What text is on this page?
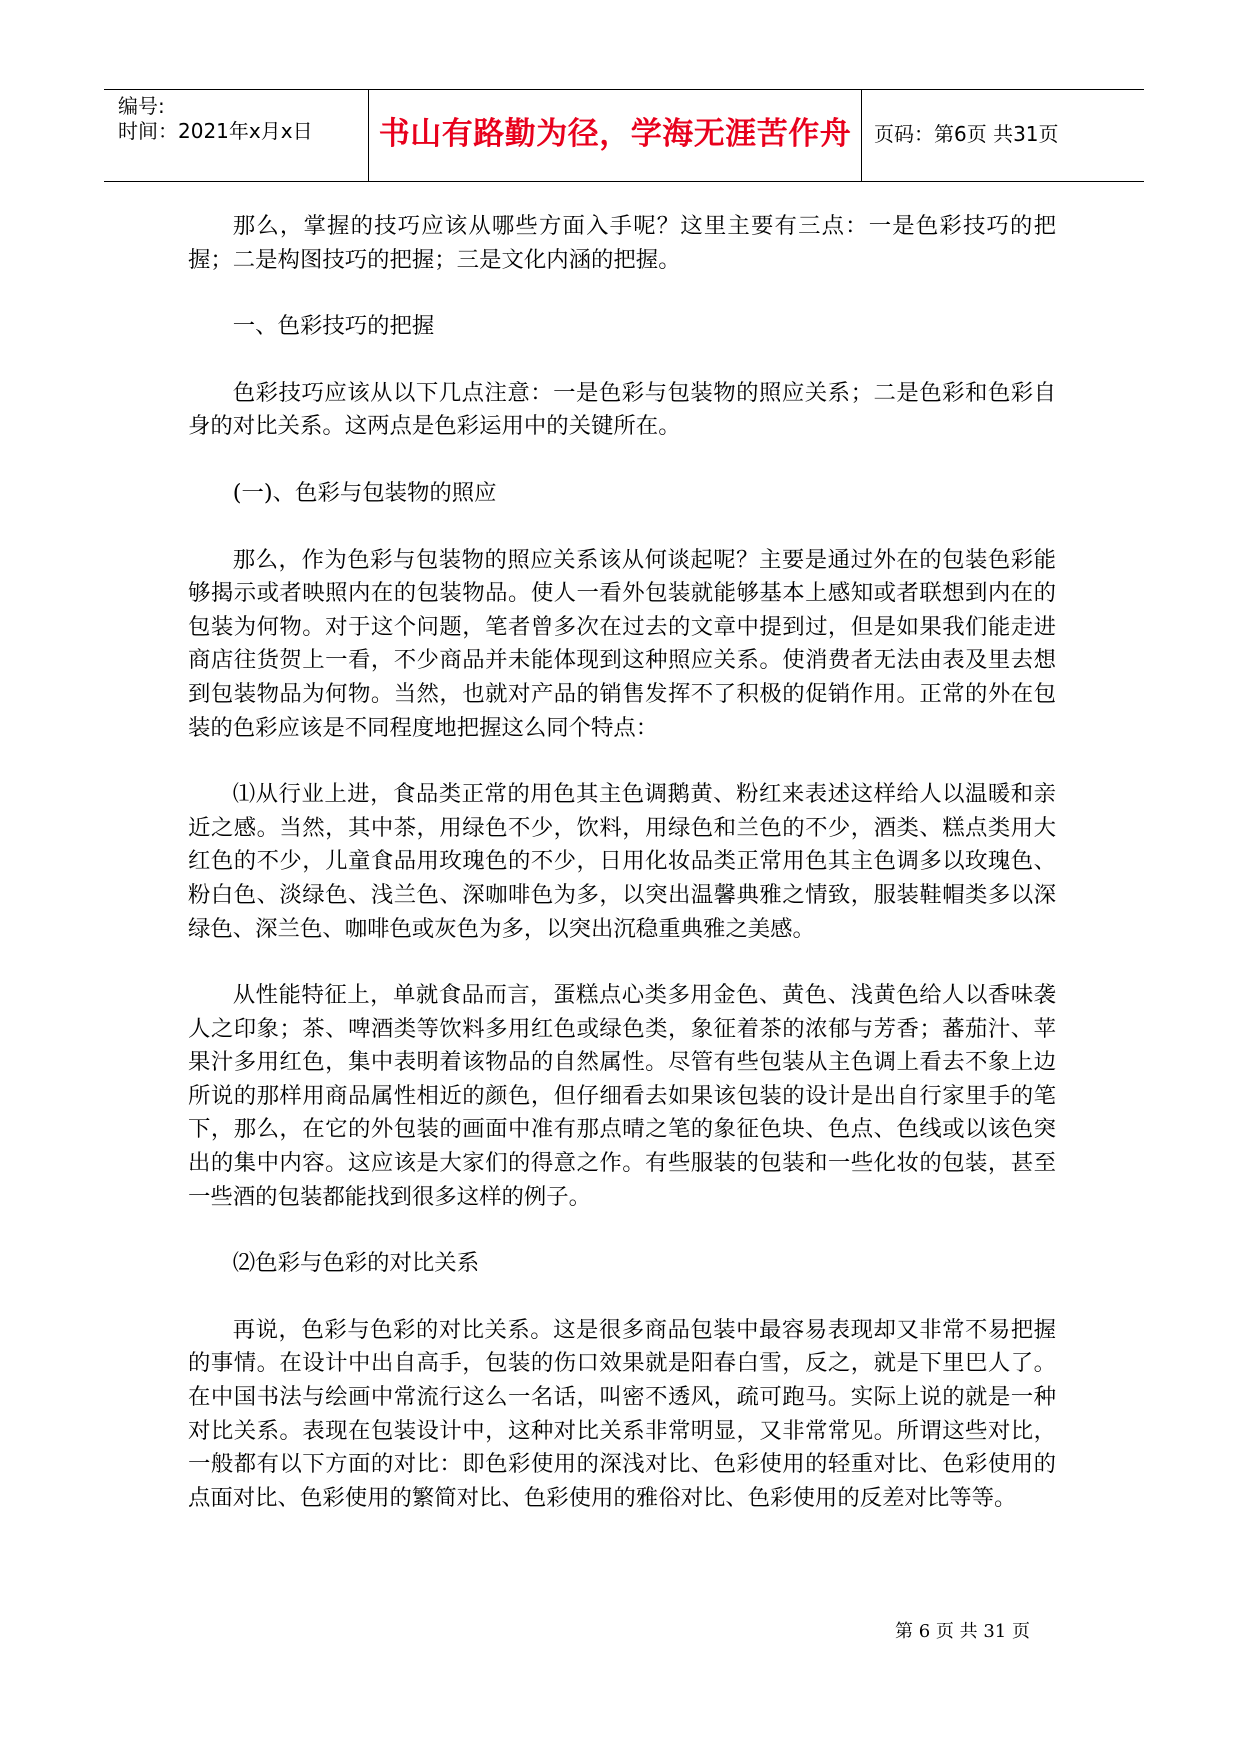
编号:
时间：2021年x月x日	书山有路勤为径，学海无涯苦作舟	页码：第6页 共31页

那么，掌握的技巧应该从哪些方面入手呢？这里主要有三点：一是色彩技巧的把握；二是构图技巧的把握；三是文化内涵的把握。

一、色彩技巧的把握

色彩技巧应该从以下几点注意：一是色彩与包装物的照应关系；二是色彩和色彩自身的对比关系。这两点是色彩运用中的关键所在。

(一)、色彩与包装物的照应

那么，作为色彩与包装物的照应关系该从何谈起呢？主要是通过外在的包装色彩能够揭示或者映照内在的包装物品。使人一看外包装就能够基本上感知或者联想到内在的包装为何物。对于这个问题，笔者曾多次在过去的文章中提到过，但是如果我们能走进商店往货贺上一看，不少商品并未能体现到这种照应关系。使消费者无法由表及里去想到包装物品为何物。当然，也就对产品的销售发挥不了积极的促销作用。正常的外在包装的色彩应该是不同程度地把握这么同个特点：

⑴从行业上进，食品类正常的用色其主色调鹅黄、粉红来表述这样给人以温暖和亲近之感。当然，其中茶，用绿色不少，饮料，用绿色和兰色的不少，酒类、糕点类用大红色的不少，儿童食品用玫瑰色的不少，日用化妆品类正常用色其主色调多以玫瑰色、粉白色、淡绿色、浅兰色、深咖啡色为多，以突出温馨典雅之情致，服装鞋帽类多以深绿色、深兰色、咖啡色或灰色为多，以突出沉稳重典雅之美感。

从性能特征上，单就食品而言，蛋糕点心类多用金色、黄色、浅黄色给人以香味袭人之印象；茶、啤酒类等饮料多用红色或绿色类，象征着茶的浓郁与芳香；蕃茄汁、苹果汁多用红色，集中表明着该物品的自然属性。尽管有些包装从主色调上看去不象上边所说的那样用商品属性相近的颜色，但仔细看去如果该包装的设计是出自行家里手的笔下，那么，在它的外包装的画面中准有那点晴之笔的象征色块、色点、色线或以该色突出的集中内容。这应该是大家们的得意之作。有些服装的包装和一些化妆的包装，甚至一些酒的包装都能找到很多这样的例子。

⑵色彩与色彩的对比关系

再说，色彩与色彩的对比关系。这是很多商品包装中最容易表现却又非常不易把握的事情。在设计中出自高手，包装的伤口效果就是阳春白雪，反之，就是下里巴人了。在中国书法与绘画中常流行这么一名话，叫密不透风，疏可跑马。实际上说的就是一种对比关系。表现在包装设计中，这种对比关系非常明显，又非常常见。所谓这些对比，一般都有以下方面的对比：即色彩使用的深浅对比、色彩使用的轻重对比、色彩使用的点面对比、色彩使用的繁简对比、色彩使用的雅俗对比、色彩使用的反差对比等等。

第 6 页 共 31 页
